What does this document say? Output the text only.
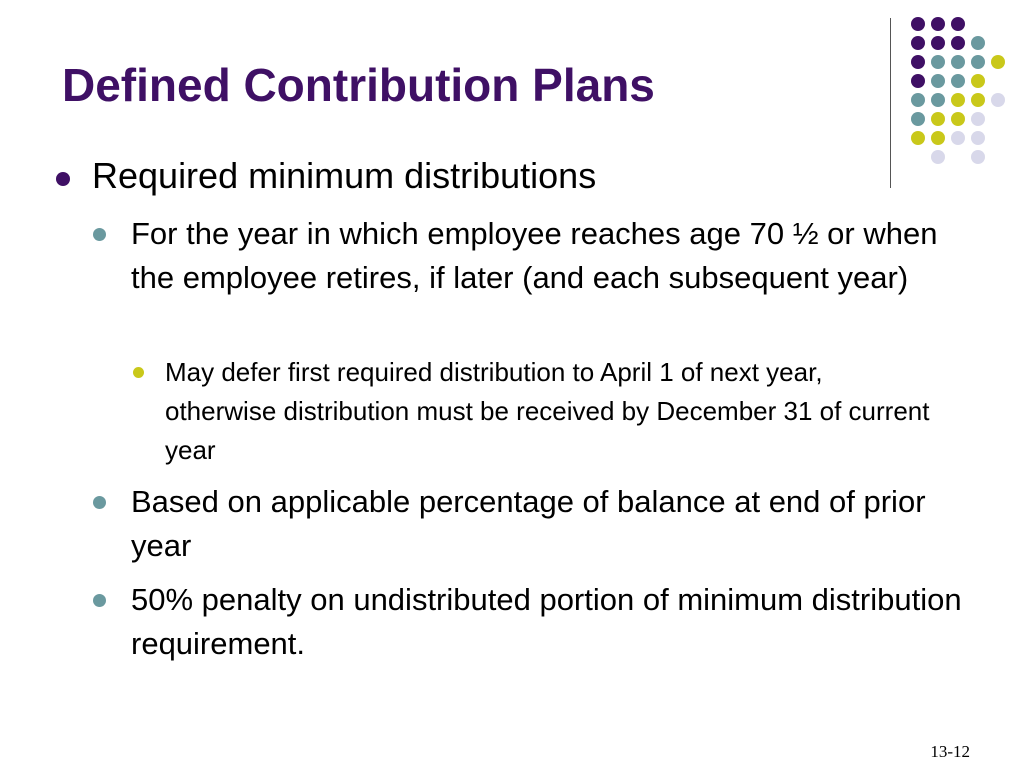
Defined Contribution Plans
Required minimum distributions
For the year in which employee reaches age 70 ½ or when the employee retires, if later (and each subsequent year)
May defer first required distribution to April 1 of next year, otherwise distribution must be received by December 31 of current year
Based on applicable percentage of balance at end of prior year
50% penalty on undistributed portion of minimum distribution requirement.
13-12
